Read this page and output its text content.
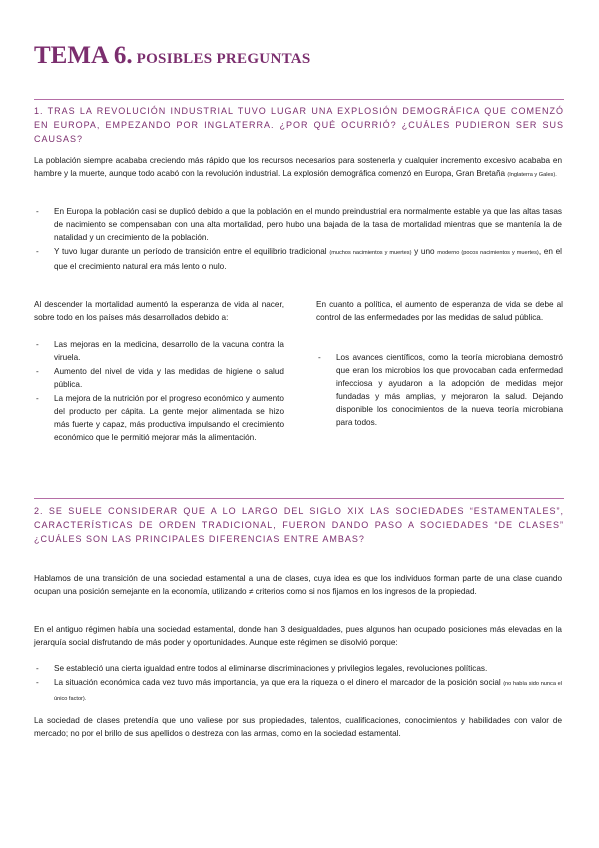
TEMA 6. POSIBLES PREGUNTAS
1. TRAS LA REVOLUCIÓN INDUSTRIAL TUVO LUGAR UNA EXPLOSIÓN DEMOGRÁFICA QUE COMENZÓ EN EUROPA, EMPEZANDO POR INGLATERRA. ¿POR QUÉ OCURRIÓ? ¿CUÁLES PUDIERON SER SUS CAUSAS?

La población siempre acababa creciendo más rápido que los recursos necesarios para sostenerla y cualquier incremento excesivo acababa en hambre y la muerte, aunque todo acabó con la revolución industrial. La explosión demográfica comenzó en Europa, Gran Bretaña (Inglaterra y Gales).

- En Europa la población casi se duplicó debido a que la población en el mundo preindustrial era normalmente estable ya que las altas tasas de nacimiento se compensaban con una alta mortalidad, pero hubo una bajada de la tasa de mortalidad mientras que se mantenía la de natalidad y un crecimiento de la población.
- Y tuvo lugar durante un período de transición entre el equilibrio tradicional (muchos nacimientos y muertes) y uno moderno (pocos nacimientos y muertes), en el que el crecimiento natural era más lento o nulo.

Al descender la mortalidad aumentó la esperanza de vida al nacer, sobre todo en los países más desarrollados debido a:

- Las mejoras en la medicina, desarrollo de la vacuna contra la viruela.
- Aumento del nivel de vida y las medidas de higiene o salud pública.
- La mejora de la nutrición por el progreso económico y aumento del producto per cápita. La gente mejor alimentada se hizo más fuerte y capaz, más productiva impulsando el crecimiento económico que le permitió mejorar más la alimentación.

En cuanto a política, el aumento de esperanza de vida se debe al control de las enfermedades por las medidas de salud pública.

- Los avances científicos, como la teoría microbiana demostró que eran los microbios los que provocaban cada enfermedad infecciosa y ayudaron a la adopción de medidas mejor fundadas y más amplias, y mejoraron la salud. Dejando disponible los conocimientos de la nueva teoría microbiana para todos.
2. SE SUELE CONSIDERAR QUE A LO LARGO DEL SIGLO XIX LAS SOCIEDADES “ESTAMENTALES”, CARACTERÍSTICAS DE ORDEN TRADICIONAL, FUERON DANDO PASO A SOCIEDADES “DE CLASES” ¿CUÁLES SON LAS PRINCIPALES DIFERENCIAS ENTRE AMBAS?

Hablamos de una transición de una sociedad estamental a una de clases, cuya idea es que los individuos forman parte de una clase cuando ocupan una posición semejante en la economía, utilizando ≠ criterios como si nos fijamos en los ingresos de la propiedad.

En el antiguo régimen había una sociedad estamental, donde han 3 desigualdades, pues algunos han ocupado posiciones más elevadas en la jerarquía social disfrutando de más poder y oportunidades. Aunque este régimen se disolvió porque:

- Se estableció una cierta igualdad entre todos al eliminarse discriminaciones y privilegios legales, revoluciones políticas.
- La situación económica cada vez tuvo más importancia, ya que era la riqueza o el dinero el marcador de la posición social (no había sido nunca el único factor).

La sociedad de clases pretendía que uno valiese por sus propiedades, talentos, cualificaciones, conocimientos y habilidades con valor de mercado; no por el brillo de sus apellidos o destreza con las armas, como en la sociedad estamental.
